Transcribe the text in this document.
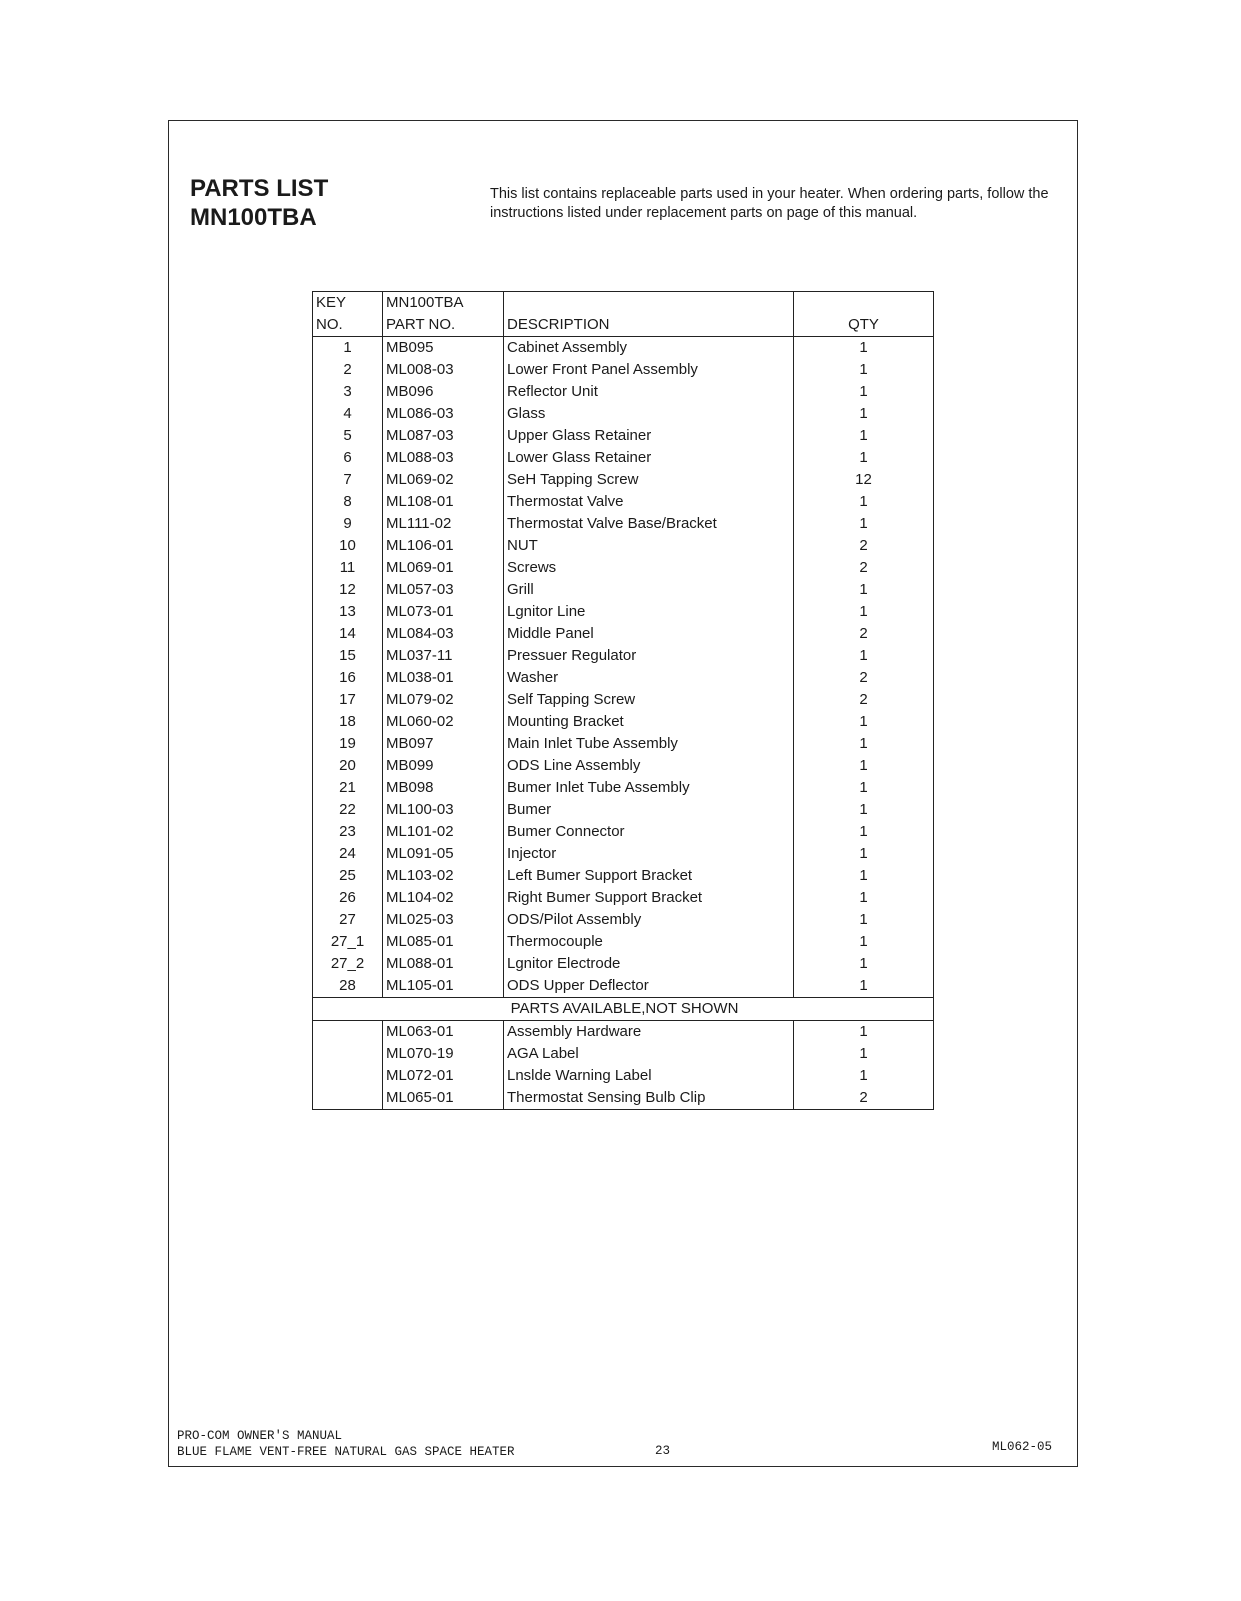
PARTS LIST
MN100TBA
This list contains replaceable parts used in your heater. When ordering parts, follow the instructions listed under replacement parts on page of this manual.
KEY	MN100TBA		
NO.	PART NO.	DESCRIPTION	QTY
1	MB095	Cabinet Assembly	1
2	ML008-03	Lower Front Panel Assembly	1
3	MB096	Reflector Unit	1
4	ML086-03	Glass	1
5	ML087-03	Upper Glass Retainer	1
6	ML088-03	Lower Glass Retainer	1
7	ML069-02	SeH Tapping Screw	12
8	ML108-01	Thermostat Valve	1
9	ML111-02	Thermostat Valve Base/Bracket	1
10	ML106-01	NUT	2
11	ML069-01	Screws	2
12	ML057-03	Grill	1
13	ML073-01	Lgnitor Line	1
14	ML084-03	Middle Panel	2
15	ML037-11	Pressuer Regulator	1
16	ML038-01	Washer	2
17	ML079-02	Self Tapping Screw	2
18	ML060-02	Mounting Bracket	1
19	MB097	Main Inlet Tube Assembly	1
20	MB099	ODS Line Assembly	1
21	MB098	Bumer Inlet Tube Assembly	1
22	ML100-03	Bumer	1
23	ML101-02	Bumer Connector	1
24	ML091-05	Injector	1
25	ML103-02	Left Bumer Support Bracket	1
26	ML104-02	Right Bumer Support Bracket	1
27	ML025-03	ODS/Pilot Assembly	1
27_1	ML085-01	Thermocouple	1
27_2	ML088-01	Lgnitor Electrode	1
28	ML105-01	ODS Upper Deflector	1
PARTS AVAILABLE,NOT SHOWN			
	ML063-01	Assembly Hardware	1
	ML070-19	AGA Label	1
	ML072-01	Lnslde Warning Label	1
	ML065-01	Thermostat Sensing Bulb Clip	2
PRO-COM OWNER'S MANUAL
BLUE FLAME VENT-FREE NATURAL GAS SPACE HEATER	23	ML062-05
